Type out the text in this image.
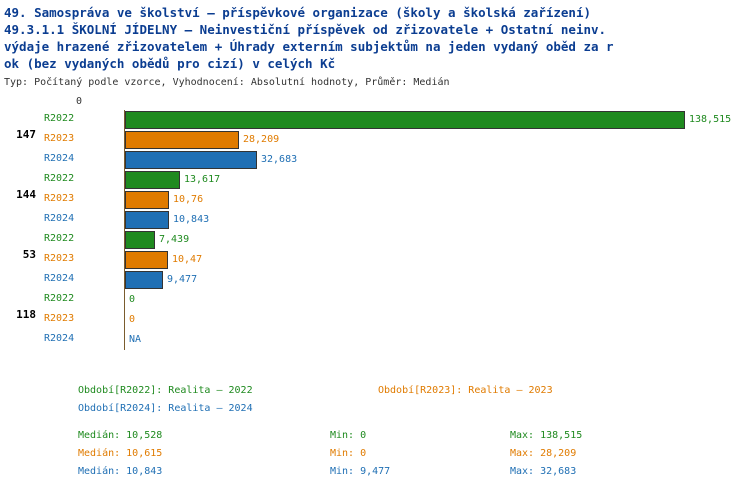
49. Samospráva ve školství – příspěvkové organizace (školy a školská zařízení)
49.3.1.1 ŠKOLNÍ JÍDELNY – Neinvestiční příspěvek od zřizovatele + Ostatní neinv.
výdaje hrazené zřizovatelem + Úhrady externím subjektům na jeden vydaný oběd za r
ok (bez vydaných obědů pro cizí) v celých Kč
Typ: Počítaný podle vzorce, Vyhodnocení: Absolutní hodnoty, Průměr: Medián
0
147
R2022	138,515
R2023	28,209
R2024	32,683
144
R2022	13,617
R2023	10,76
R2024	10,843
53
R2022	7,439
R2023	10,47
R2024	9,477
118
R2022	0
R2023	0
R2024	NA
Období[R2022]: Realita – 2022	Období[R2023]: Realita – 2023
Období[R2024]: Realita – 2024
Medián: 10,528	Min: 0	Max: 138,515
Medián: 10,615	Min: 0	Max: 28,209
Medián: 10,843	Min: 9,477	Max: 32,683
